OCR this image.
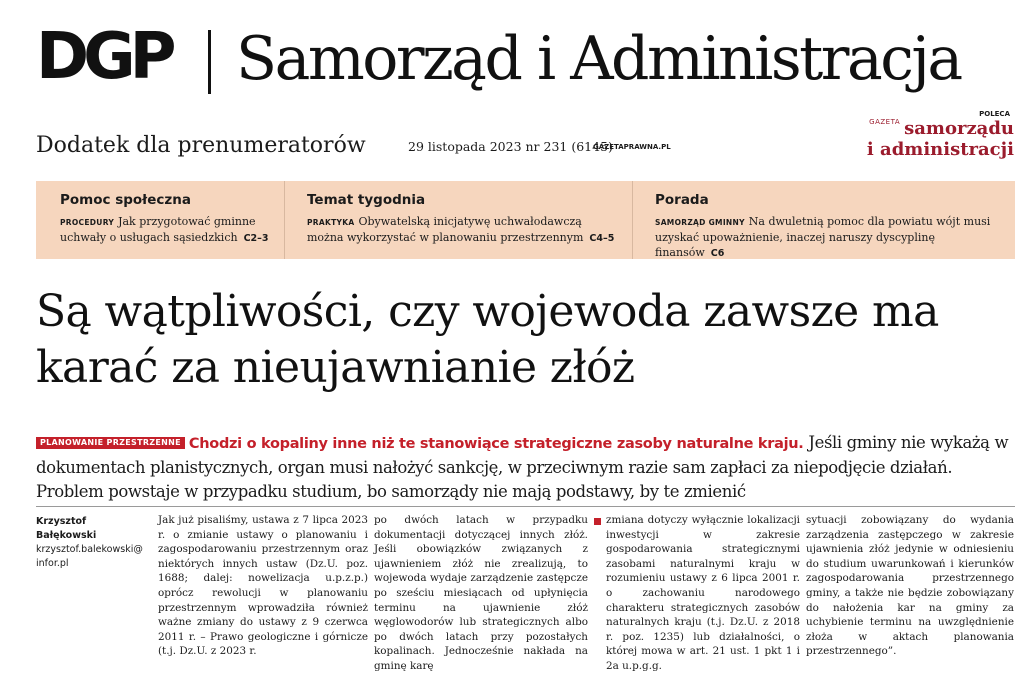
DGP Samorząd i Administracja
Dodatek dla prenumeratorów	29 listopada 2023 nr 231 (6145)
GAZETAPRAWNA.PL
POLECA
$^{GAZETA}$ samorządu
i administracji
Pomoc społeczna
PROCEDURY Jak przygotować gminne uchwały o usługach sąsiedzkich C2–3
Temat tygodnia
PRAKTYKA Obywatelską inicjatywę uchwałodawczą można wykorzystać w planowaniu przestrzennym C4–5
Porada
SAMORZĄD GMINNY Na dwuletnią pomoc dla powiatu wójt musi uzyskać upoważnienie, inaczej naruszy dyscyplinę finansów C6
Są wątpliwości, czy wojewoda zawsze ma karać za nieujawnianie złóż
PLANOWANIE PRZESTRZENNE Chodzi o kopaliny inne niż te stanowiące strategiczne zasoby naturalne kraju. Jeśli gminy nie wykażą w dokumentach planistycznych, organ musi nałożyć sankcję, w przeciwnym razie sam zapłaci za niepodjęcie działań. Problem powstaje w przypadku studium, bo samorządy nie mają podstawy, by te zmienić
Krzysztof Bałękowski
krzysztof.balekowski@infor.pl
Jak już pisaliśmy, ustawa z 7 lipca 2023 r. o zmianie ustawy o planowaniu i zagospodarowaniu przestrzennym oraz niektórych innych ustaw (Dz.U. poz. 1688; dalej: nowelizacja u.p.z.p.) oprócz rewolucji w planowaniu przestrzennym wprowadziła również ważne zmiany do ustawy z 9 czerwca 2011 r. – Prawo geologiczne i górnicze (t.j. Dz.U. z 2023 r.
po dwóch latach w przypadku dokumentacji dotyczącej innych złóż. Jeśli obowiązków związanych z ujawnieniem złóż nie zrealizują, to wojewoda wydaje zarządzenie zastępcze po sześciu miesiącach od upłynięcia terminu na ujawnienie złóż węglowodorów lub strategicznych albo po dwóch latach przy pozostałych kopalinach. Jednocześnie nakłada na gminę karę
zmiana dotyczy wyłącznie lokalizacji inwestycji w zakresie gospodarowania strategicznymi zasobami naturalnymi kraju w rozumieniu ustawy z 6 lipca 2001 r. o zachowaniu narodowego charakteru strategicznych zasobów naturalnych kraju (t.j. Dz.U. z 2018 r. poz. 1235) lub działalności, o której mowa w art. 21 ust. 1 pkt 1 i 2a u.p.g.g.
sytuacji zobowiązany do wydania zarządzenia zastępczego w zakresie ujawnienia złóż jedynie w odniesieniu do studium uwarunkowań i kierunków zagospodarowania przestrzennego gminy, a także nie będzie zobowiązany do nałożenia kar na gminy za uchybienie terminu na uwzględnienie złoża w aktach planowania przestrzennego”.
